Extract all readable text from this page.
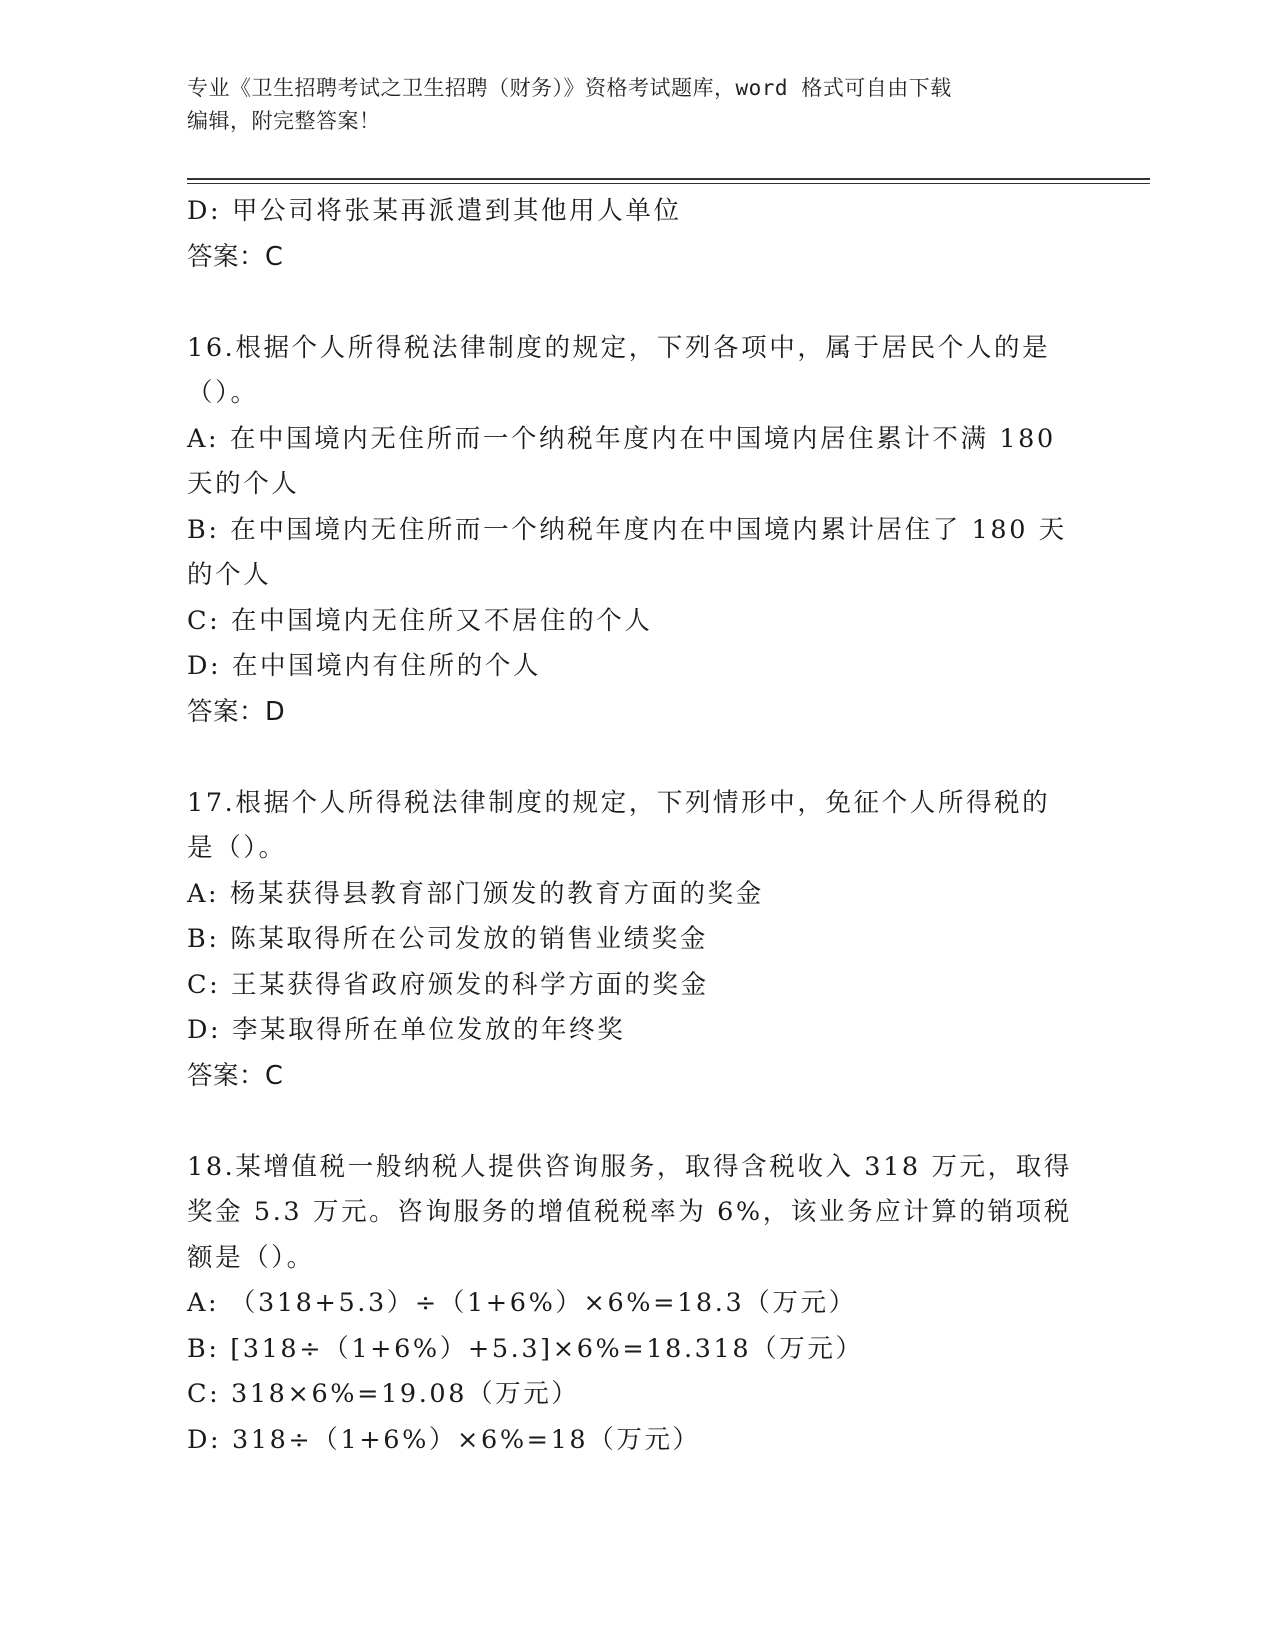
专业《卫生招聘考试之卫生招聘（财务）》资格考试题库，word 格式可自由下载
编辑，附完整答案！
D: 甲公司将张某再派遣到其他用人单位
答案：C
16.根据个人所得税法律制度的规定，下列各项中，属于居民个人的是
（）。
A: 在中国境内无住所而一个纳税年度内在中国境内居住累计不满 180
天的个人
B: 在中国境内无住所而一个纳税年度内在中国境内累计居住了 180 天
的个人
C: 在中国境内无住所又不居住的个人
D: 在中国境内有住所的个人
答案：D
17.根据个人所得税法律制度的规定，下列情形中，免征个人所得税的
是（）。
A: 杨某获得县教育部门颁发的教育方面的奖金
B: 陈某取得所在公司发放的销售业绩奖金
C: 王某获得省政府颁发的科学方面的奖金
D: 李某取得所在单位发放的年终奖
答案：C
18.某增值税一般纳税人提供咨询服务，取得含税收入 318 万元，取得
奖金 5.3 万元。咨询服务的增值税税率为 6%，该业务应计算的销项税
额是（）。
A: （318+5.3）÷（1+6%）×6%=18.3（万元）
B: [318÷（1+6%）+5.3]×6%=18.318（万元）
C: 318×6%=19.08（万元）
D: 318÷（1+6%）×6%=18（万元）
